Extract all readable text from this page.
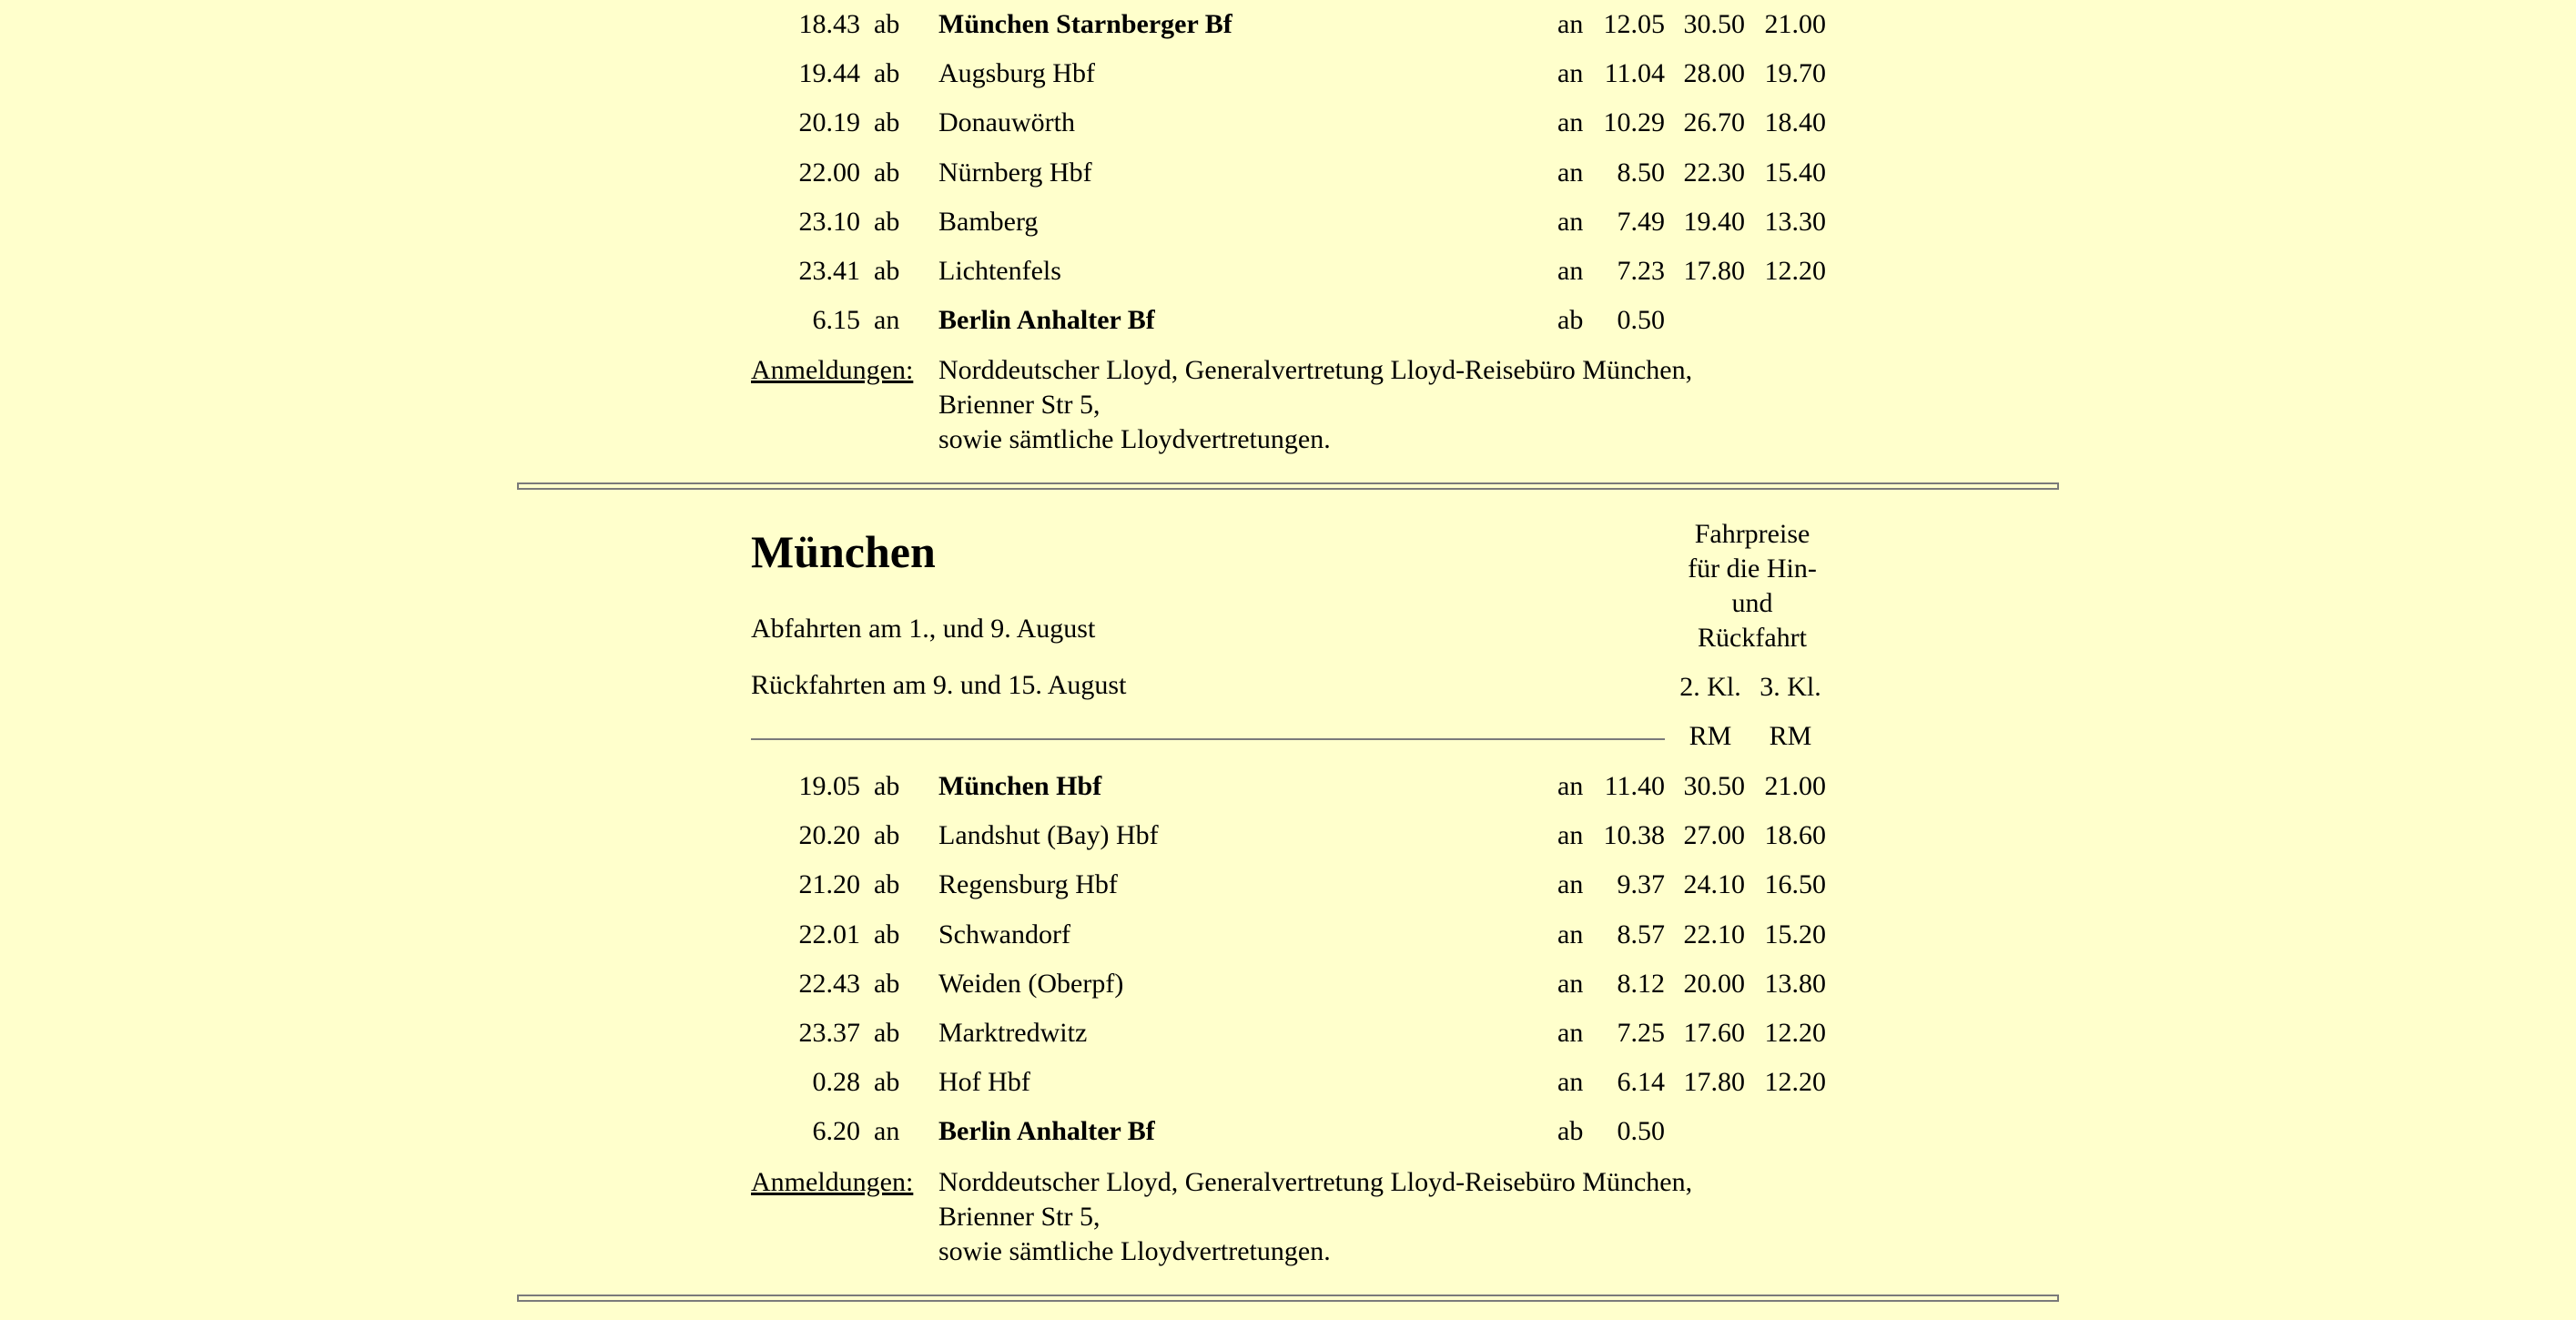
18.43 ab München Starnberger Bf	an 12.05 30.50 21.00
19.44 ab Augsburg Hbf	an 11.04 28.00 19.70
20.19 ab Donauwörth	an 10.29 26.70 18.40
22.00 ab Nürnberg Hbf	an	8.50 22.30 15.40
23.10 ab Bamberg	an	7.49 19.40 13.30
23.41 ab Lichtenfels	an	7.23 17.80 12.20
6.15 an Berlin Anhalter Bf	ab	0.50
Anmeldungen: Norddeutscher Lloyd, Generalvertretung Lloyd-Reisebüro München,
Brienner Str 5,
sowie sämtliche Lloydvertretungen.
München
Abfahrten am 1., und 9. August
Rückfahrten am 9. und 15. August
Fahrpreise
für die Hin-
und
Rückfahrt
2. Kl. 3. Kl.
RM	RM
19.05 ab München Hbf	an 11.40 30.50 21.00
20.20 ab Landshut (Bay) Hbf	an 10.38 27.00 18.60
21.20 ab Regensburg Hbf	an	9.37 24.10 16.50
22.01 ab Schwandorf	an	8.57 22.10 15.20
22.43 ab Weiden (Oberpf)	an	8.12 20.00 13.80
23.37 ab Marktredwitz	an	7.25 17.60 12.20
0.28 ab Hof Hbf	an	6.14 17.80 12.20
6.20 an Berlin Anhalter Bf	ab	0.50
Anmeldungen: Norddeutscher Lloyd, Generalvertretung Lloyd-Reisebüro München,
Brienner Str 5,
sowie sämtliche Lloydvertretungen.
